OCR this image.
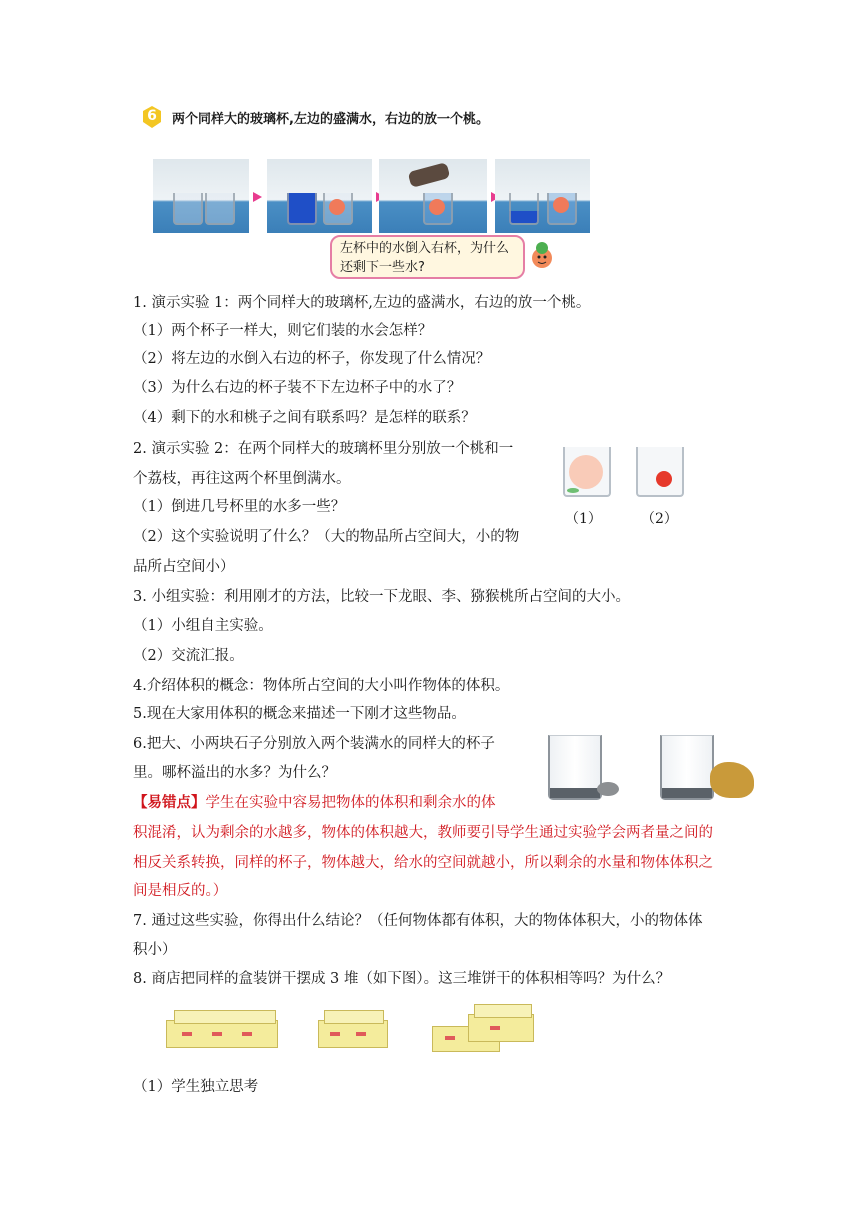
6	两个同样大的玻璃杯,左边的盛满水，右边的放一个桃。
左杯中的水倒入右杯，为什么还剩下一些水?
1. 演示实验 1：两个同样大的玻璃杯,左边的盛满水，右边的放一个桃。
（1）两个杯子一样大，则它们装的水会怎样？
（2）将左边的水倒入右边的杯子，你发现了什么情况？
（3）为什么右边的杯子装不下左边杯子中的水了？
（4）剩下的水和桃子之间有联系吗？是怎样的联系？
2. 演示实验 2：在两个同样大的玻璃杯里分别放一个桃和一
个荔枝，再往这两个杯里倒满水。
（1）倒进几号杯里的水多一些？
（2）这个实验说明了什么？（大的物品所占空间大，小的物
品所占空间小）
3. 小组实验：利用刚才的方法，比较一下龙眼、李、猕猴桃所占空间的大小。
（1）小组自主实验。
（2）交流汇报。
4.介绍体积的概念：物体所占空间的大小叫作物体的体积。
5.现在大家用体积的概念来描述一下刚才这些物品。
6.把大、小两块石子分别放入两个装满水的同样大的杯子
里。哪杯溢出的水多？为什么？
（1）	（2）
【易错点】学生在实验中容易把物体的体积和剩余水的体
积混淆，认为剩余的水越多，物体的体积越大，教师要引导学生通过实验学会两者量之间的
相反关系转换，同样的杯子，物体越大，给水的空间就越小，所以剩余的水量和物体体积之
间是相反的。）
7. 通过这些实验，你得出什么结论？（任何物体都有体积，大的物体体积大，小的物体体
积小）
8. 商店把同样的盒装饼干摆成 3 堆（如下图）。这三堆饼干的体积相等吗？为什么？
（1）学生独立思考
